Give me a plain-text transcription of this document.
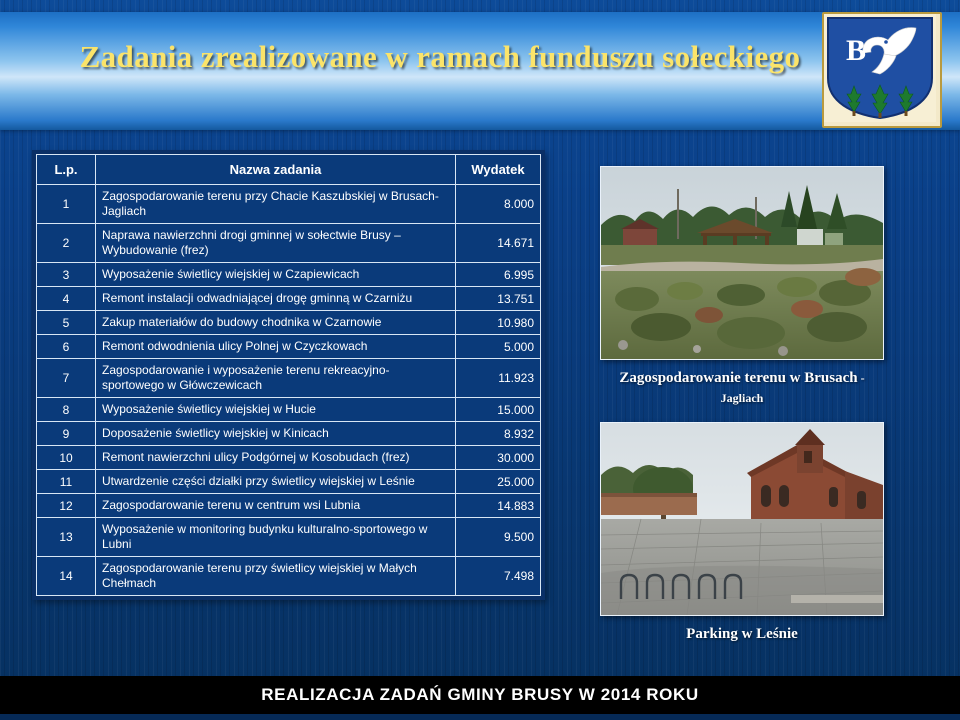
Zadania zrealizowane w ramach funduszu sołeckiego	B
L.p.	Nazwa zadania	Wydatek
1	Zagospodarowanie terenu przy Chacie Kaszubskiej w Brusach-Jagliach	8.000
2	Naprawa nawierzchni drogi gminnej w sołectwie Brusy – Wybudowanie (frez)	14.671
3	Wyposażenie świetlicy wiejskiej w Czapiewicach	6.995
4	Remont instalacji odwadniającej drogę gminną w Czarniżu	13.751
5	Zakup materiałów do budowy chodnika w Czarnowie	10.980
6	Remont odwodnienia ulicy Polnej w Czyczkowach	5.000
7	Zagospodarowanie i wyposażenie terenu rekreacyjno-sportowego w Główczewicach	11.923
8	Wyposażenie świetlicy wiejskiej w Hucie	15.000
9	Doposażenie świetlicy wiejskiej w Kinicach	8.932
10	Remont nawierzchni ulicy Podgórnej w Kosobudach (frez)	30.000
11	Utwardzenie części działki przy świetlicy wiejskiej w Leśnie	25.000
12	Zagospodarowanie terenu w centrum wsi Lubnia	14.883
13	Wyposażenie w monitoring budynku kulturalno-sportowego w Lubni	9.500
14	Zagospodarowanie terenu przy świetlicy wiejskiej w Małych Chełmach	7.498
Zagospodarowanie terenu w Brusach - Jagliach
Parking w Leśnie
REALIZACJA ZADAŃ GMINY BRUSY W 2014 ROKU
